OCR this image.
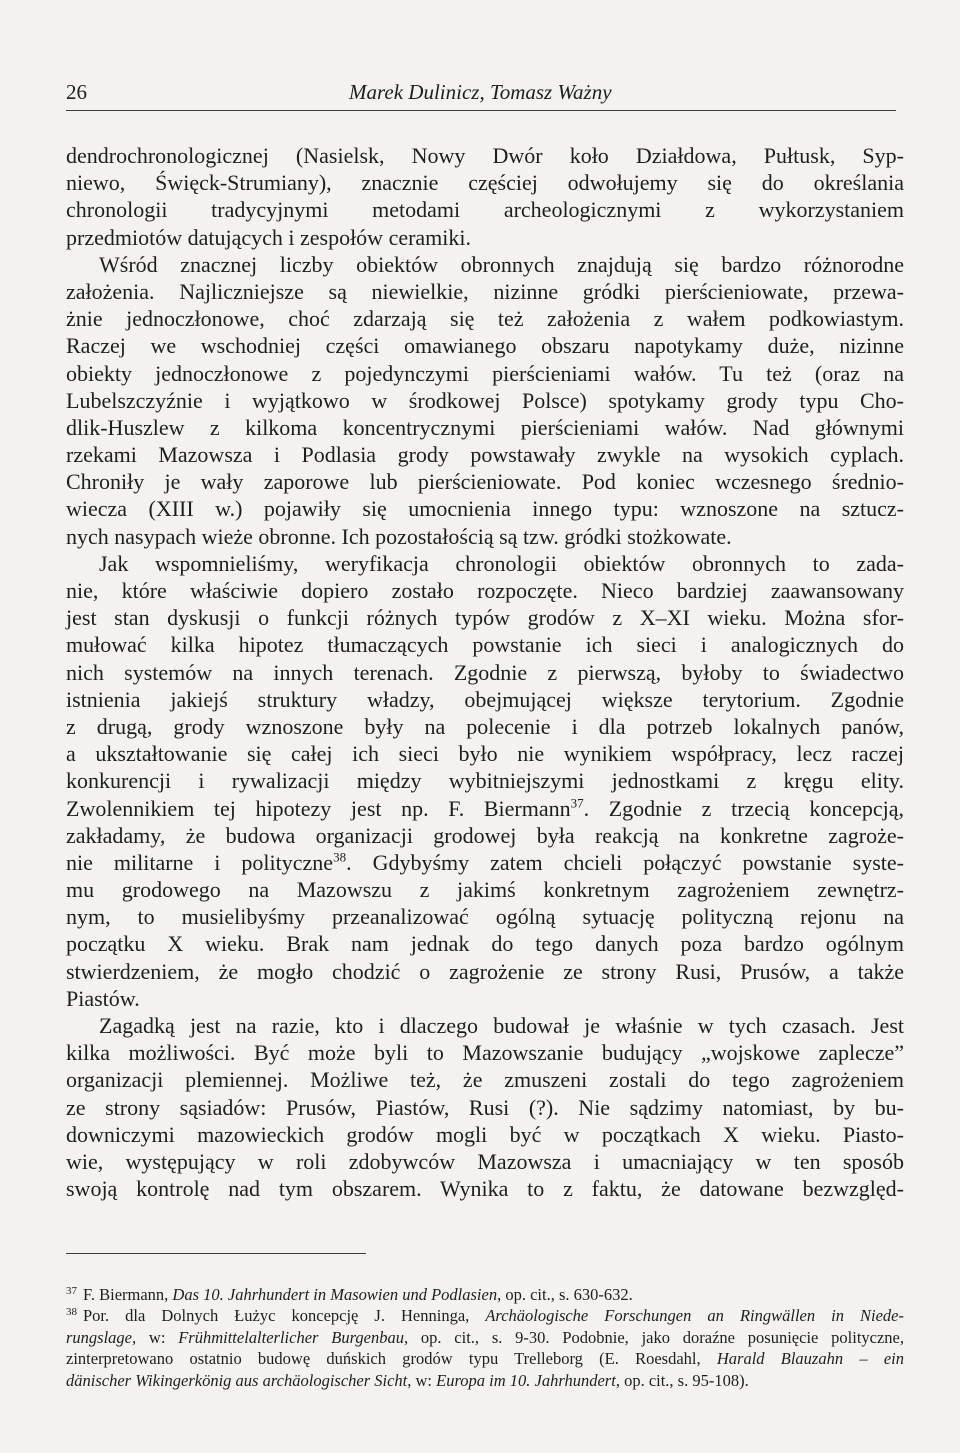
26	Marek Dulinicz, Tomasz Ważny
dendrochronologicznej (Nasielsk, Nowy Dwór koło Działdowa, Pułtusk, Syp-
niewo, Święck-Strumiany), znacznie częściej odwołujemy się do określania
chronologii tradycyjnymi metodami archeologicznymi z wykorzystaniem
przedmiotów datujących i zespołów ceramiki.
Wśród znacznej liczby obiektów obronnych znajdują się bardzo różnorodne
założenia. Najliczniejsze są niewielkie, nizinne gródki pierścieniowate, przewa-
żnie jednoczłonowe, choć zdarzają się też założenia z wałem podkowiastym.
Raczej we wschodniej części omawianego obszaru napotykamy duże, nizinne
obiekty jednoczłonowe z pojedynczymi pierścieniami wałów. Tu też (oraz na
Lubelszczyźnie i wyjątkowo w środkowej Polsce) spotykamy grody typu Cho-
dlik-Huszlew z kilkoma koncentrycznymi pierścieniami wałów. Nad głównymi
rzekami Mazowsza i Podlasia grody powstawały zwykle na wysokich cyplach.
Chroniły je wały zaporowe lub pierścieniowate. Pod koniec wczesnego średnio-
wiecza (XIII w.) pojawiły się umocnienia innego typu: wznoszone na sztucz-
nych nasypach wieże obronne. Ich pozostałością są tzw. gródki stożkowate.
Jak wspomnieliśmy, weryfikacja chronologii obiektów obronnych to zada-
nie, które właściwie dopiero zostało rozpoczęte. Nieco bardziej zaawansowany
jest stan dyskusji o funkcji różnych typów grodów z X–XI wieku. Można sfor-
mułować kilka hipotez tłumaczących powstanie ich sieci i analogicznych do
nich systemów na innych terenach. Zgodnie z pierwszą, byłoby to świadectwo
istnienia jakiejś struktury władzy, obejmującej większe terytorium. Zgodnie
z drugą, grody wznoszone były na polecenie i dla potrzeb lokalnych panów,
a ukształtowanie się całej ich sieci było nie wynikiem współpracy, lecz raczej
konkurencji i rywalizacji między wybitniejszymi jednostkami z kręgu elity.
Zwolennikiem tej hipotezy jest np. F. Biermann$^{37}$. Zgodnie z trzecią koncepcją,
zakładamy, że budowa organizacji grodowej była reakcją na konkretne zagroże-
nie militarne i polityczne$^{38}$. Gdybyśmy zatem chcieli połączyć powstanie syste-
mu grodowego na Mazowszu z jakimś konkretnym zagrożeniem zewnętrz-
nym, to musielibyśmy przeanalizować ogólną sytuację polityczną rejonu na
początku X wieku. Brak nam jednak do tego danych poza bardzo ogólnym
stwierdzeniem, że mogło chodzić o zagrożenie ze strony Rusi, Prusów, a także
Piastów.
Zagadką jest na razie, kto i dlaczego budował je właśnie w tych czasach. Jest
kilka możliwości. Być może byli to Mazowszanie budujący „wojskowe zaplecze”
organizacji plemiennej. Możliwe też, że zmuszeni zostali do tego zagrożeniem
ze strony sąsiadów: Prusów, Piastów, Rusi (?). Nie sądzimy natomiast, by bu-
downiczymi mazowieckich grodów mogli być w początkach X wieku. Piasto-
wie, występujący w roli zdobywców Mazowsza i umacniający w ten sposób
swoją kontrolę nad tym obszarem. Wynika to z faktu, że datowane bezwzględ-
$^{37}$ F. Biermann, Das 10. Jahrhundert in Masowien und Podlasien, op. cit., s. 630-632.
$^{38}$ Por. dla Dolnych Łużyc koncepcję J. Henninga, Archäologische Forschungen an Ringwällen in Niede-
rungslage, w: Frühmittelalterlicher Burgenbau, op. cit., s. 9-30. Podobnie, jako doraźne posunięcie polityczne,
zinterpretowano ostatnio budowę duńskich grodów typu Trelleborg (E. Roesdahl, Harald Blauzahn – ein
dänischer Wikingerkönig aus archäologischer Sicht, w: Europa im 10. Jahrhundert, op. cit., s. 95-108).
